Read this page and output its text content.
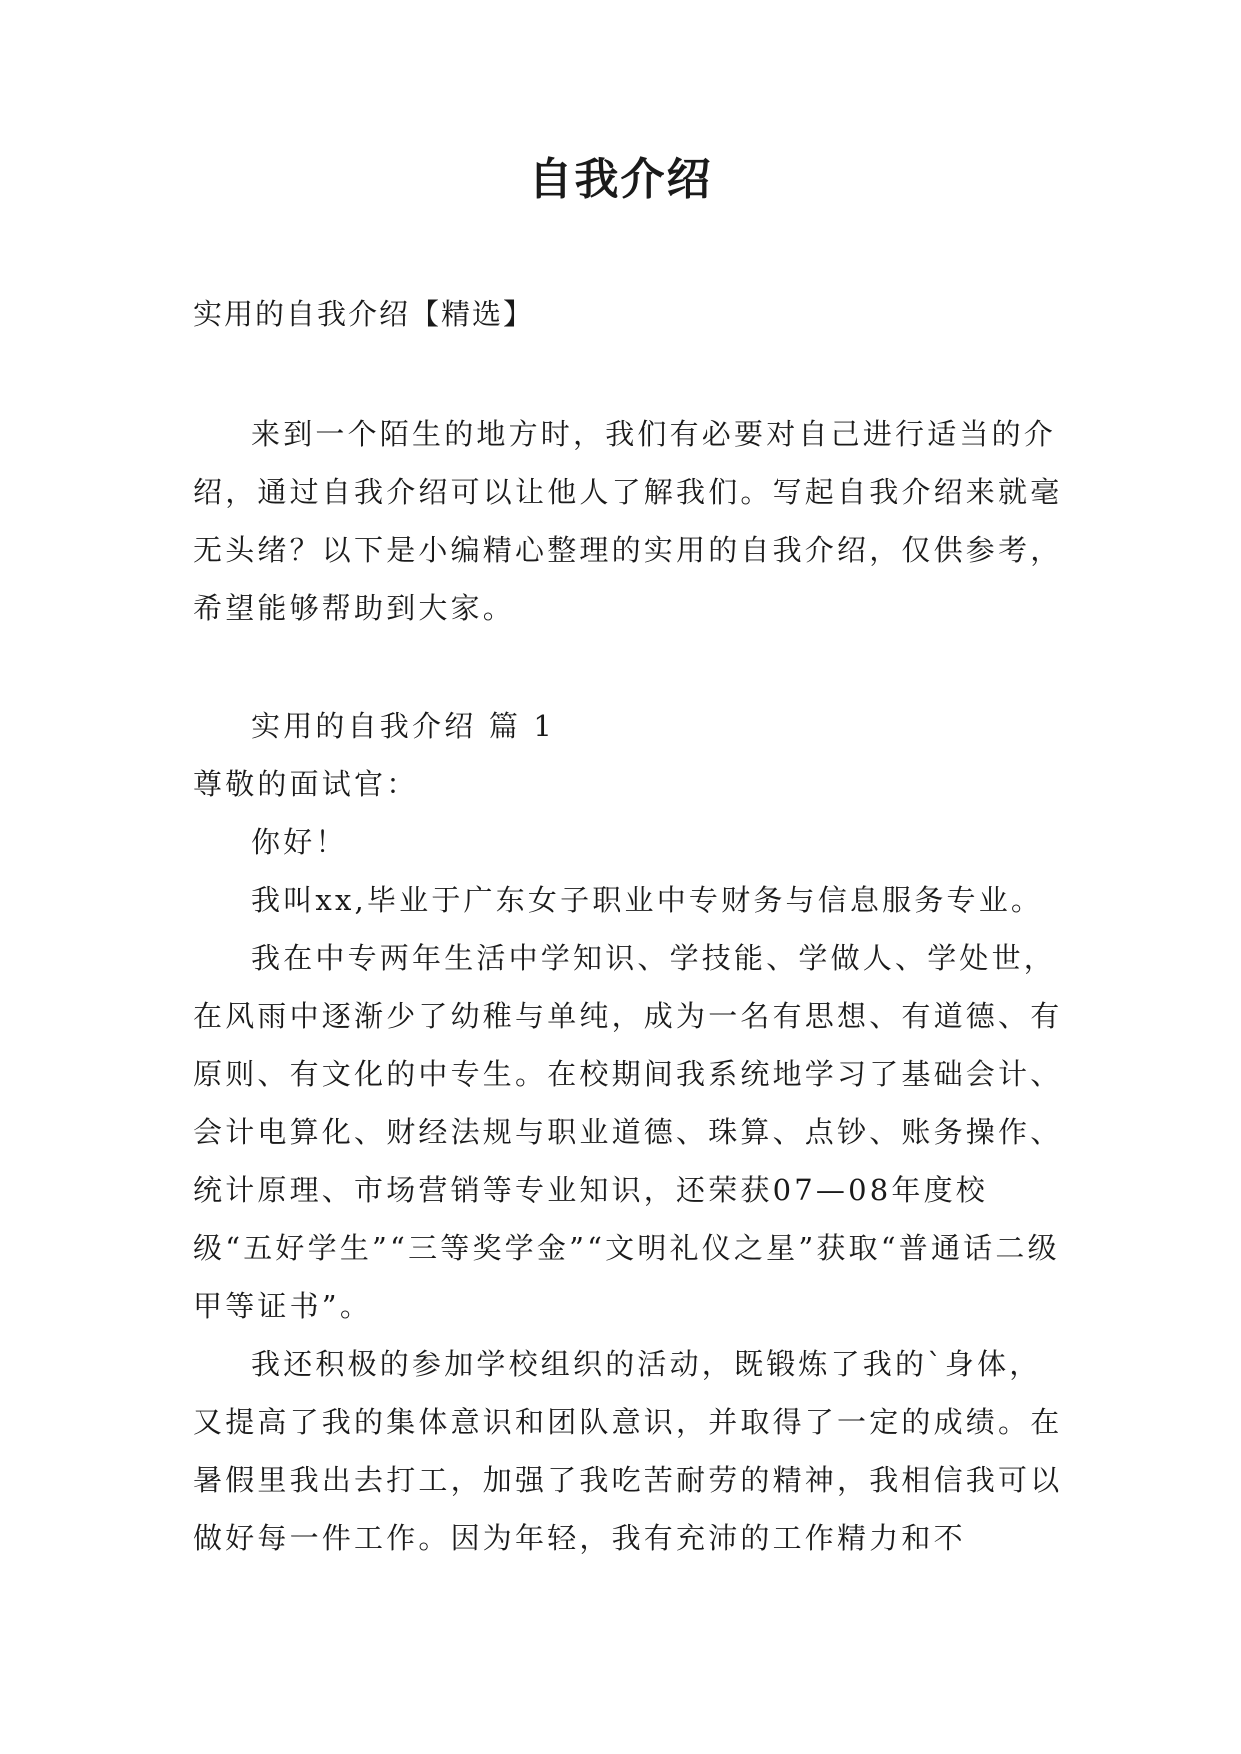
自我介绍
实用的自我介绍【精选】

来到一个陌生的地方时，我们有必要对自己进行适当的介绍，通过自我介绍可以让他人了解我们。写起自我介绍来就毫无头绪？以下是小编精心整理的实用的自我介绍，仅供参考，希望能够帮助到大家。

实用的自我介绍 篇 1

尊敬的面试官：

你好！

我叫xx,毕业于广东女子职业中专财务与信息服务专业。

我在中专两年生活中学知识、学技能、学做人、学处世，在风雨中逐渐少了幼稚与单纯，成为一名有思想、有道德、有原则、有文化的中专生。在校期间我系统地学习了基础会计、会计电算化、财经法规与职业道德、珠算、点钞、账务操作、统计原理、市场营销等专业知识，还荣获07—08年度校级“五好学生”“三等奖学金”“文明礼仪之星”获取“普通话二级甲等证书”。

我还积极的参加学校组织的活动，既锻炼了我的`身体，又提高了我的集体意识和团队意识，并取得了一定的成绩。在暑假里我出去打工，加强了我吃苦耐劳的精神，我相信我可以做好每一件工作。因为年轻，我有充沛的工作精力和不
